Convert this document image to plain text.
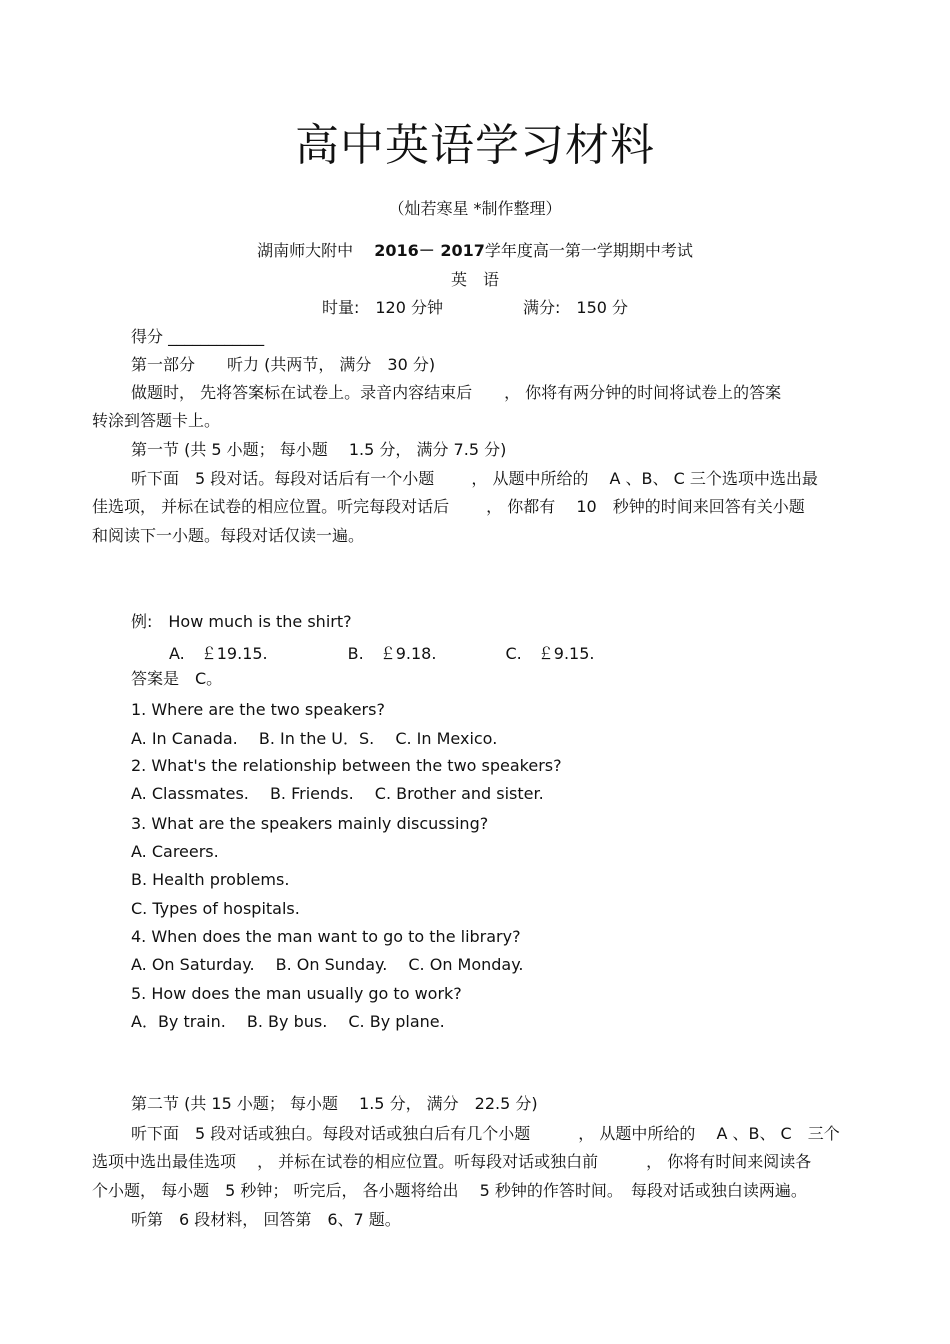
高中英语学习材料
（灿若寒星 *制作整理）
湖南师大附中　 2016－ 2017学年度高一第一学期期中考试
英　语
时量:　120 分钟　　　　　	满分:　150 分
得分 ____________
第一部分　　听力 (共两节， 满分　30 分)
做题时， 先将答案标在试卷上。录音内容结束后　　， 你将有两分钟的时间将试卷上的答案
转涂到答题卡上。
第一节 (共 5 小题； 每小题　 1.5 分， 满分 7.5 分)
听下面　5 段对话。每段对话后有一个小题　　 ， 从题中所给的　 A 、B、 C 三个选项中选出最
佳选项， 并标在试卷的相应位置。听完每段对话后　　 ， 你都有　 10　秒钟的时间来回答有关小题
和阅读下一小题。每段对话仅读一遍。
例:　How much is the shirt?
A.　￡19.15.　　　　　B.　￡9.18.　　　　 C.　￡9.15.
答案是　C。
1. Where are the two speakers?
A. In Canada.　 B. In the U．S.　 C. In Mexico.
2. What's the relationship between the two speakers?
A. Classmates.　 B. Friends.　 C. Brother and sister.
3. What are the speakers mainly discussing?
A. Careers.
B. Health problems.
C. Types of hospitals.
4. When does the man want to go to the library?
A. On Saturday.　 B. On Sunday.　 C. On Monday.
5. How does the man usually go to work?
A．By train.　 B. By bus.　 C. By plane.
第二节 (共 15 小题； 每小题　 1.5 分， 满分　22.5 分)
听下面　5 段对话或独白。每段对话或独白后有几个小题　　　， 从题中所给的　 A 、B、 C　三个
选项中选出最佳选项　 ， 并标在试卷的相应位置。听每段对话或独白前　　　， 你将有时间来阅读各
个小题， 每小题　5 秒钟； 听完后， 各小题将给出　 5 秒钟的作答时间。　每段对话或独白读两遍。
听第　6 段材料， 回答第　6、7 题。
